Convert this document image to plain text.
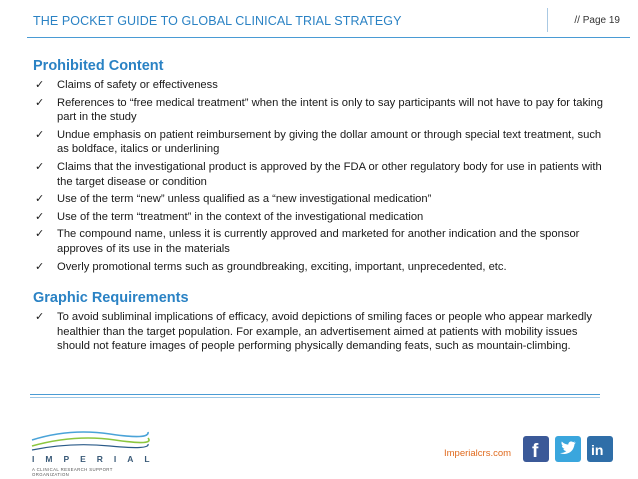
THE POCKET GUIDE TO GLOBAL CLINICAL TRIAL STRATEGY	// Page 19
Prohibited Content
✓ Claims of safety or effectiveness
✓ References to “free medical treatment” when the intent is only to say participants will not have to pay for taking part in the study
✓ Undue emphasis on patient reimbursement by giving the dollar amount or through special text treatment, such as boldface, italics or underlining
✓ Claims that the investigational product is approved by the FDA or other regulatory body for use in patients with the target disease or condition
✓ Use of the term “new” unless qualified as a “new investigational medication”
✓ Use of the term “treatment” in the context of the investigational medication
✓ The compound name, unless it is currently approved and marketed for another indication and the sponsor approves of its use in the materials
✓ Overly promotional terms such as groundbreaking, exciting, important, unprecedented, etc.
Graphic Requirements
✓ To avoid subliminal implications of efficacy, avoid depictions of smiling faces or people who appear markedly healthier than the target population. For example, an advertisement aimed at patients with mobility issues should not feature images of people performing physically demanding feats, such as mountain-climbing.
IMPERIAL
A CLINICAL RESEARCH SUPPORT ORGANIZATION
Imperialcrs.com f	in
